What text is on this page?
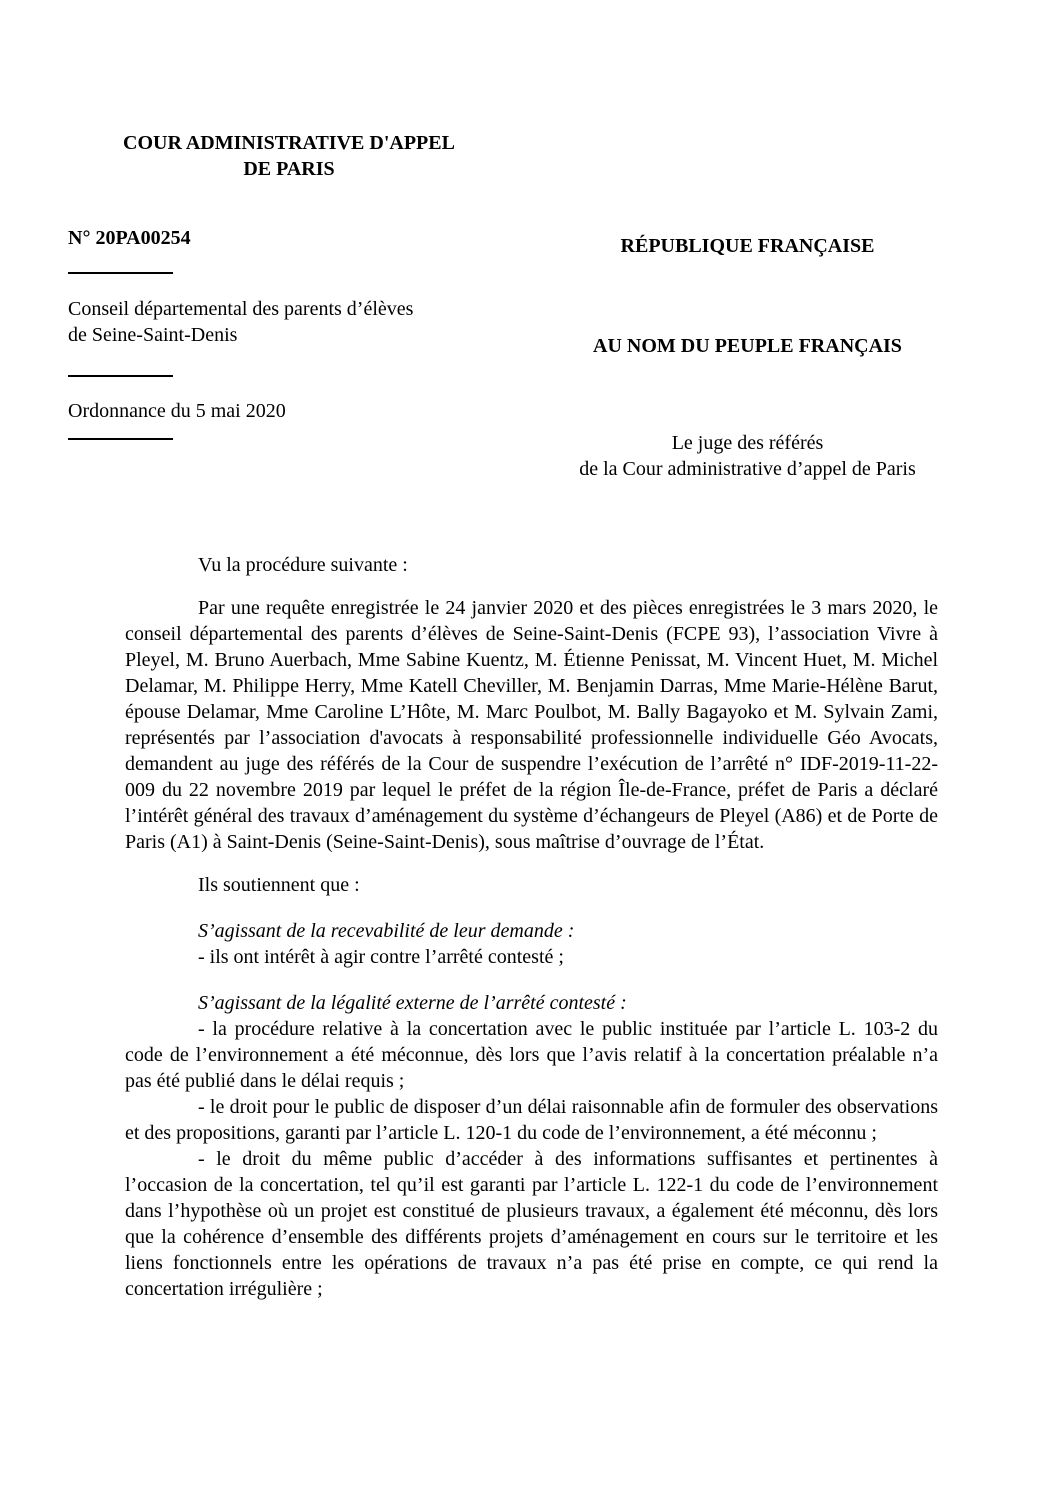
COUR ADMINISTRATIVE D'APPEL

DE PARIS

N° 20PA00254

Conseil départemental des parents d’élèves

de Seine-Saint-Denis

Ordonnance du 5 mai 2020

RÉPUBLIQUE FRANÇAISE

AU NOM DU PEUPLE FRANÇAIS

Le juge des référés

de la Cour administrative d’appel de Paris

Vu la procédure suivante :

Par une requête enregistrée le 24 janvier 2020 et des pièces enregistrées le 3 mars 2020, le conseil départemental des parents d’élèves de Seine-Saint-Denis (FCPE 93), l’association Vivre à Pleyel, M. Bruno Auerbach, Mme Sabine Kuentz, M. Étienne Penissat, M. Vincent Huet, M. Michel Delamar, M. Philippe Herry, Mme Katell Cheviller, M. Benjamin Darras, Mme Marie-Hélène Barut, épouse Delamar, Mme Caroline L’Hôte, M. Marc Poulbot, M. Bally Bagayoko et M. Sylvain Zami, représentés par l’association d'avocats à responsabilité professionnelle individuelle Géo Avocats, demandent au juge des référés de la Cour de suspendre l’exécution de l’arrêté n° IDF-2019-11-22-009 du 22 novembre 2019 par lequel le préfet de la région Île-de-France, préfet de Paris a déclaré l’intérêt général des travaux d’aménagement du système d’échangeurs de Pleyel (A86) et de Porte de Paris (A1) à Saint-Denis (Seine-Saint-Denis), sous maîtrise d’ouvrage de l’État.

Ils soutiennent que :

S’agissant de la recevabilité de leur demande :

- ils ont intérêt à agir contre l’arrêté contesté ;

S’agissant de la légalité externe de l’arrêté contesté :

- la procédure relative à la concertation avec le public instituée par l’article L. 103-2 du code de l’environnement a été méconnue, dès lors que l’avis relatif à la concertation préalable n’a pas été publié dans le délai requis ;

- le droit pour le public de disposer d’un délai raisonnable afin de formuler des observations et des propositions, garanti par l’article L. 120-1 du code de l’environnement, a été méconnu ;

- le droit du même public d’accéder à des informations suffisantes et pertinentes à l’occasion de la concertation, tel qu’il est garanti par l’article L. 122-1 du code de l’environnement dans l’hypothèse où un projet est constitué de plusieurs travaux, a également été méconnu, dès lors que la cohérence d’ensemble des différents projets d’aménagement en cours sur le territoire et les liens fonctionnels entre les opérations de travaux n’a pas été prise en compte, ce qui rend la concertation irrégulière ;
